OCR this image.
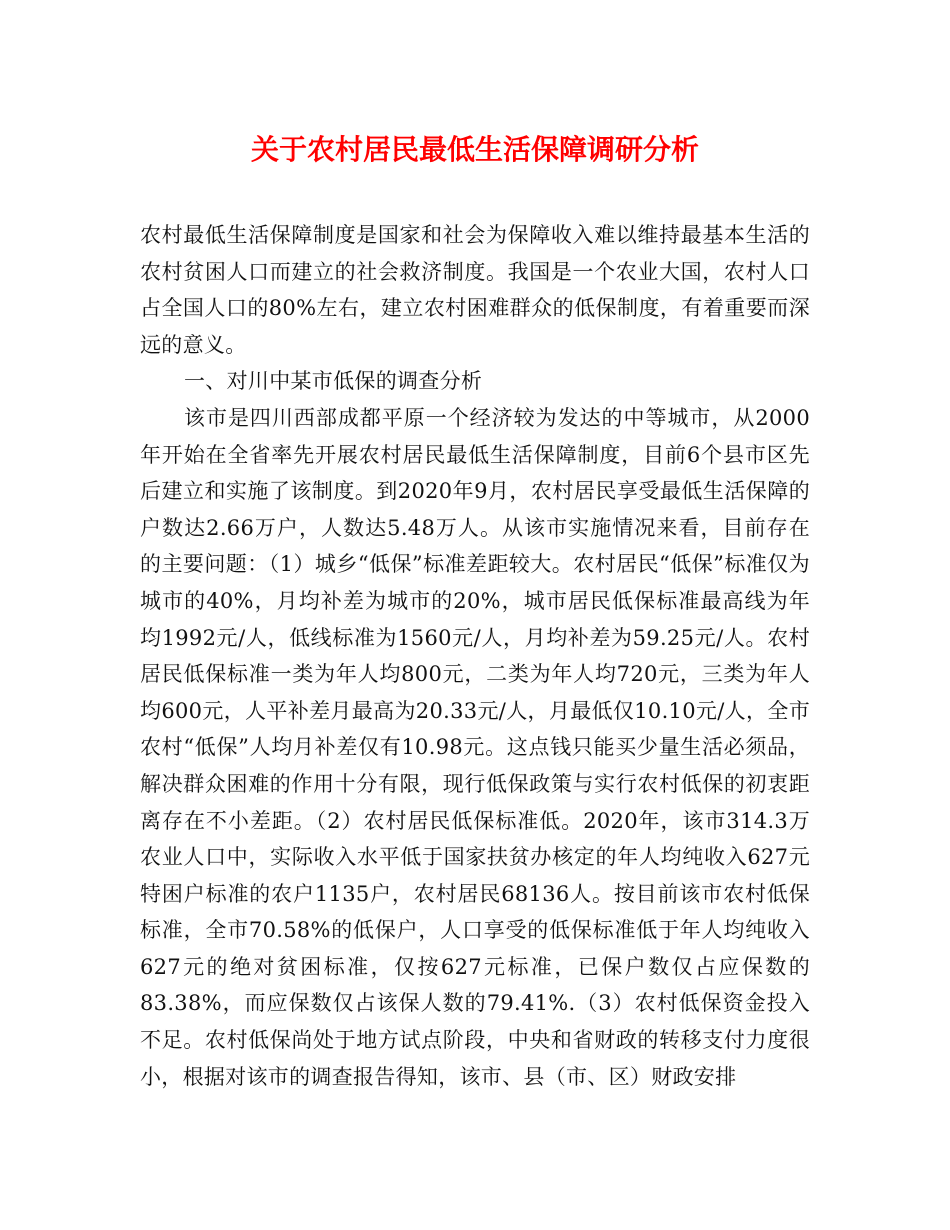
关于农村居民最低生活保障调研分析

农村最低生活保障制度是国家和社会为保障收入难以维持最基本生活的农村贫困人口而建立的社会救济制度。我国是一个农业大国，农村人口占全国人口的80%左右，建立农村困难群众的低保制度，有着重要而深远的意义。

一、对川中某市低保的调查分析

该市是四川西部成都平原一个经济较为发达的中等城市，从2000年开始在全省率先开展农村居民最低生活保障制度，目前6个县市区先后建立和实施了该制度。到2020年9月，农村居民享受最低生活保障的户数达2.66万户，人数达5.48万人。从该市实施情况来看，目前存在的主要问题：（1）城乡“低保”标准差距较大。农村居民“低保”标准仅为城市的40%，月均补差为城市的20%，城市居民低保标准最高线为年均1992元/人，低线标准为1560元/人，月均补差为59.25元/人。农村居民低保标准一类为年人均800元，二类为年人均720元，三类为年人均600元，人平补差月最高为20.33元/人，月最低仅10.10元/人，全市农村“低保”人均月补差仅有10.98元。这点钱只能买少量生活必须品，解决群众困难的作用十分有限，现行低保政策与实行农村低保的初衷距离存在不小差距。（2）农村居民低保标准低。2020年，该市314.3万农业人口中，实际收入水平低于国家扶贫办核定的年人均纯收入627元特困户标准的农户1135户，农村居民68136人。按目前该市农村低保标准，全市70.58%的低保户，人口享受的低保标准低于年人均纯收入627元的绝对贫困标准，仅按627元标准，已保户数仅占应保数的83.38%，而应保数仅占该保人数的79.41%.（3）农村低保资金投入不足。农村低保尚处于地方试点阶段，中央和省财政的转移支付力度很小，根据对该市的调查报告得知，该市、县（市、区）财政安排
